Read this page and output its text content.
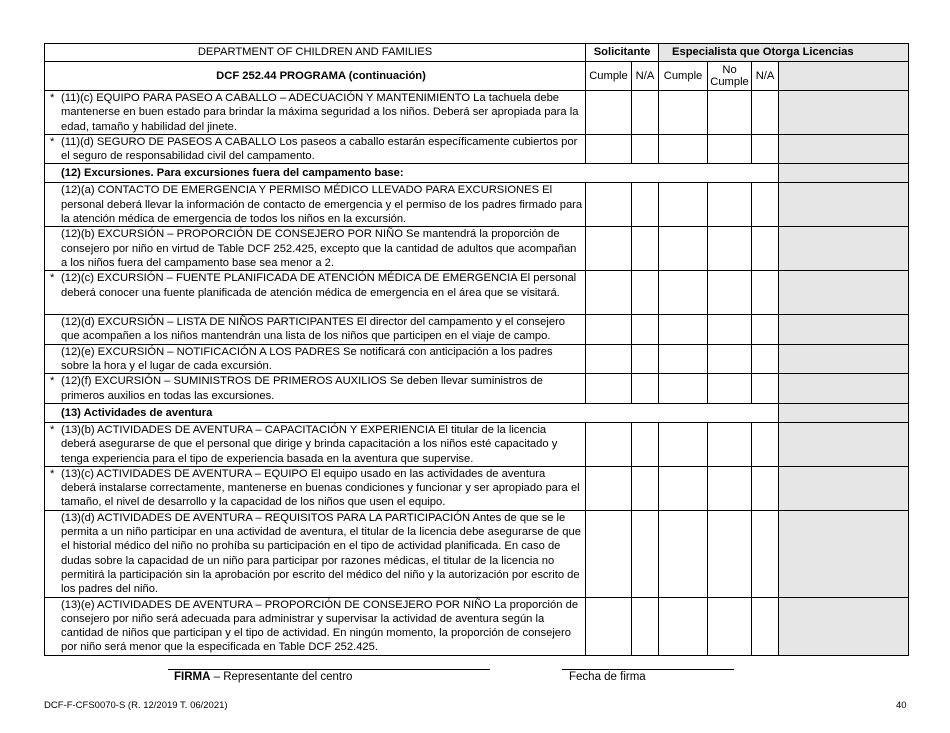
DEPARTMENT OF CHILDREN AND FAMILIES	Solicitante		Especialista que Otorga Licencias			
DCF 252.44 PROGRAMA (continuación)	Cumple	N/A	Cumple	No Cumple	N/A	

* (11)(c) EQUIPO PARA PASEO A CABALLO – ADECUACIÓN Y MANTENIMIENTO La tachuela debe mantenerse en buen estado para brindar la máxima seguridad a los niños. Deberá ser apropiada para la edad, tamaño y habilidad del jinete.						

* (11)(d) SEGURO DE PASEOS A CABALLO Los paseos a caballo estarán específicamente cubiertos por el seguro de responsabilidad civil del campamento.						
(12) Excursiones. Para excursiones fuera del campamento base:						

(12)(a) CONTACTO DE EMERGENCIA Y PERMISO MÉDICO LLEVADO PARA EXCURSIONES El personal deberá llevar la información de contacto de emergencia y el permiso de los padres firmado para la atención médica de emergencia de todos los niños en la excursión.						

(12)(b) EXCURSIÓN – PROPORCIÓN DE CONSEJERO POR NIÑO Se mantendrá la proporción de consejero por niño en virtud de Table DCF 252.425, excepto que la cantidad de adultos que acompañan a los niños fuera del campamento base sea menor a 2.						

* (12)(c) EXCURSIÓN – FUENTE PLANIFICADA DE ATENCIÓN MÉDICA DE EMERGENCIA El personal deberá conocer una fuente planificada de atención médica de emergencia en el área que se visitará.						

(12)(d) EXCURSIÓN – LISTA DE NIÑOS PARTICIPANTES El director del campamento y el consejero que acompañen a los niños mantendrán una lista de los niños que participen en el viaje de campo.						

(12)(e) EXCURSIÓN – NOTIFICACIÓN A LOS PADRES Se notificará con anticipación a los padres sobre la hora y el lugar de cada excursión.						

* (12)(f) EXCURSIÓN – SUMINISTROS DE PRIMEROS AUXILIOS Se deben llevar suministros de primeros auxilios en todas las excursiones.						
(13) Actividades de aventura						

* (13)(b) ACTIVIDADES DE AVENTURA – CAPACITACIÓN Y EXPERIENCIA El titular de la licencia deberá asegurarse de que el personal que dirige y brinda capacitación a los niños esté capacitado y tenga experiencia para el tipo de experiencia basada en la aventura que supervise.						

* (13)(c) ACTIVIDADES DE AVENTURA – EQUIPO El equipo usado en las actividades de aventura deberá instalarse correctamente, mantenerse en buenas condiciones y funcionar y ser apropiado para el tamaño, el nivel de desarrollo y la capacidad de los niños que usen el equipo.						

(13)(d) ACTIVIDADES DE AVENTURA – REQUISITOS PARA LA PARTICIPACIÓN Antes de que se le permita a un niño participar en una actividad de aventura, el titular de la licencia debe asegurarse de que el historial médico del niño no prohíba su participación en el tipo de actividad planificada. En caso de dudas sobre la capacidad de un niño para participar por razones médicas, el titular de la licencia no permitirá la participación sin la aprobación por escrito del médico del niño y la autorización por escrito de los padres del niño.						

(13)(e) ACTIVIDADES DE AVENTURA – PROPORCIÓN DE CONSEJERO POR NIÑO La proporción de consejero por niño será adecuada para administrar y supervisar la actividad de aventura según la cantidad de niños que participan y el tipo de actividad. En ningún momento, la proporción de consejero por niño será menor que la especificada en Table DCF 252.425.						
FIRMA – Representante del centro	Fecha de firma
DCF-F-CFS0070-S (R. 12/2019 T. 06/2021)	40
